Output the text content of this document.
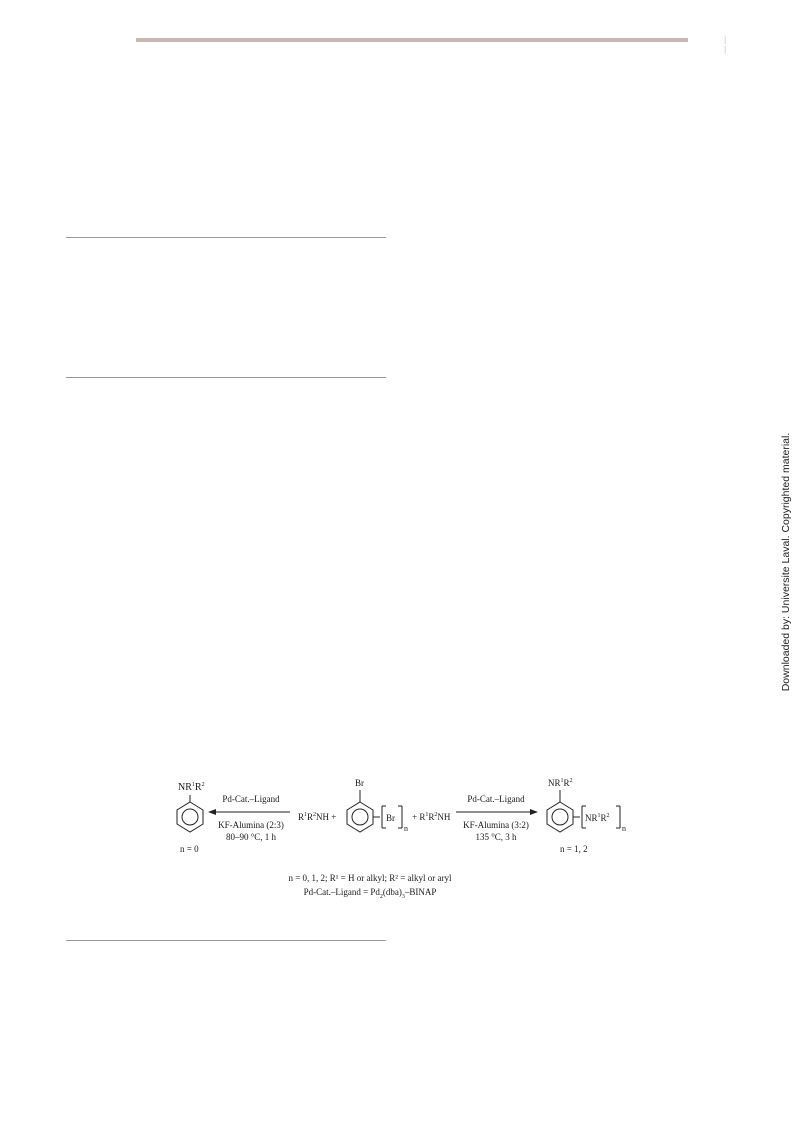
| |
Downloaded by: Universite Laval. Copyrighted material.
$NR^1R^2$
n = 0
Pd-Cat.–Ligand
KF-Alumina (2:3)
80–90 °C, 1 h
$R^1R^2NH$ +
Br
Br
n
+ $R^1R^2NH$
Pd-Cat.–Ligand
KF-Alumina (3:2)
135 °C, 3 h
$NR^1R^2$
$NR^1R^2$
n
n = 1, 2
n = 0, 1, 2; R¹ = H or alkyl; R² = alkyl or aryl
Pd-Cat.–Ligand = $Pd_2(dba)_3$–BINAP
